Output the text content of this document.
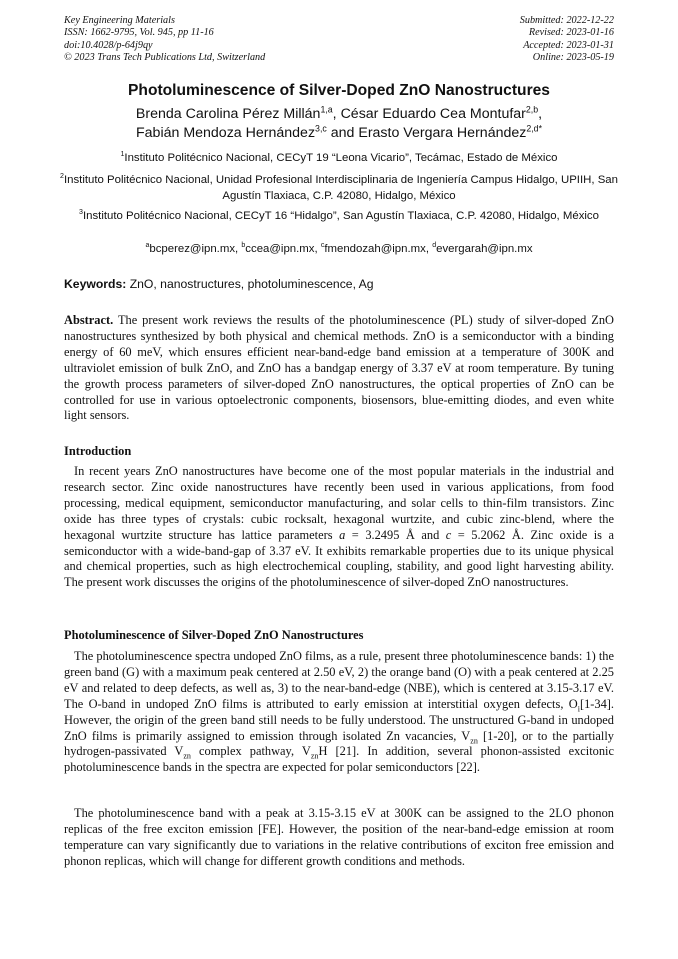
Key Engineering Materials
ISSN: 1662-9795, Vol. 945, pp 11-16
doi:10.4028/p-64j9qy
© 2023 Trans Tech Publications Ltd, Switzerland
Submitted: 2022-12-22
Revised: 2023-01-16
Accepted: 2023-01-31
Online: 2023-05-19
Photoluminescence of Silver-Doped ZnO Nanostructures
Brenda Carolina Pérez Millán$^{1,a}$, César Eduardo Cea Montufar$^{2,b}$,
Fabián Mendoza Hernández$^{3,c}$ and Erasto Vergara Hernández$^{2,d*}$
$^1$Instituto Politécnico Nacional, CECyT 19 “Leona Vicario”, Tecámac, Estado de México
$^2$Instituto Politécnico Nacional, Unidad Profesional Interdisciplinaria de Ingeniería Campus Hidalgo, UPIIH, San Agustín Tlaxiaca, C.P. 42080, Hidalgo, México
$^3$Instituto Politécnico Nacional, CECyT 16 “Hidalgo”, San Agustín Tlaxiaca, C.P. 42080, Hidalgo, México
$^a$bcperez@ipn.mx, $^b$ccea@ipn.mx, $^c$fmendozah@ipn.mx, $^d$evergarah@ipn.mx
Keywords: ZnO, nanostructures, photoluminescence, Ag
Abstract. The present work reviews the results of the photoluminescence (PL) study of silver-doped ZnO nanostructures synthesized by both physical and chemical methods. ZnO is a semiconductor with a binding energy of 60 meV, which ensures efficient near-band-edge band emission at a temperature of 300K and ultraviolet emission of bulk ZnO, and ZnO has a bandgap energy of 3.37 eV at room temperature. By tuning the growth process parameters of silver-doped ZnO nanostructures, the optical properties of ZnO can be controlled for use in various optoelectronic components, biosensors, blue-emitting diodes, and even white light sensors.
Introduction
In recent years ZnO nanostructures have become one of the most popular materials in the industrial and research sector. Zinc oxide nanostructures have recently been used in various applications, from food processing, medical equipment, semiconductor manufacturing, and solar cells to thin-film transistors. Zinc oxide has three types of crystals: cubic rocksalt, hexagonal wurtzite, and cubic zinc-blend, where the hexagonal wurtzite structure has lattice parameters a = 3.2495 Å and c = 5.2062 Å. Zinc oxide is a semiconductor with a wide-band-gap of 3.37 eV. It exhibits remarkable properties due to its unique physical and chemical properties, such as high electrochemical coupling, stability, and good light harvesting ability. The present work discusses the origins of the photoluminescence of silver-doped ZnO nanostructures.
Photoluminescence of Silver-Doped ZnO Nanostructures
The photoluminescence spectra undoped ZnO films, as a rule, present three photoluminescence bands: 1) the green band (G) with a maximum peak centered at 2.50 eV, 2) the orange band (O) with a peak centered at 2.25 eV and related to deep defects, as well as, 3) to the near-band-edge (NBE), which is centered at 3.15-3.17 eV. The O-band in undoped ZnO films is attributed to early emission at interstitial oxygen defects, $O_i[1-34]$. However, the origin of the green band still needs to be fully understood. The unstructured G-band in undoped ZnO films is primarily assigned to emission through isolated Zn vacancies, $V_{zn}$ [1-20], or to the partially hydrogen-passivated $V_{zn}$ complex pathway, $V_{zn}H$ [21]. In addition, several phonon-assisted excitonic photoluminescence bands in the spectra are expected for polar semiconductors [22].
The photoluminescence band with a peak at 3.15-3.15 eV at 300K can be assigned to the 2LO phonon replicas of the free exciton emission [FE]. However, the position of the near-band-edge emission at room temperature can vary significantly due to variations in the relative contributions of exciton free emission and phonon replicas, which will change for different growth conditions and methods.
